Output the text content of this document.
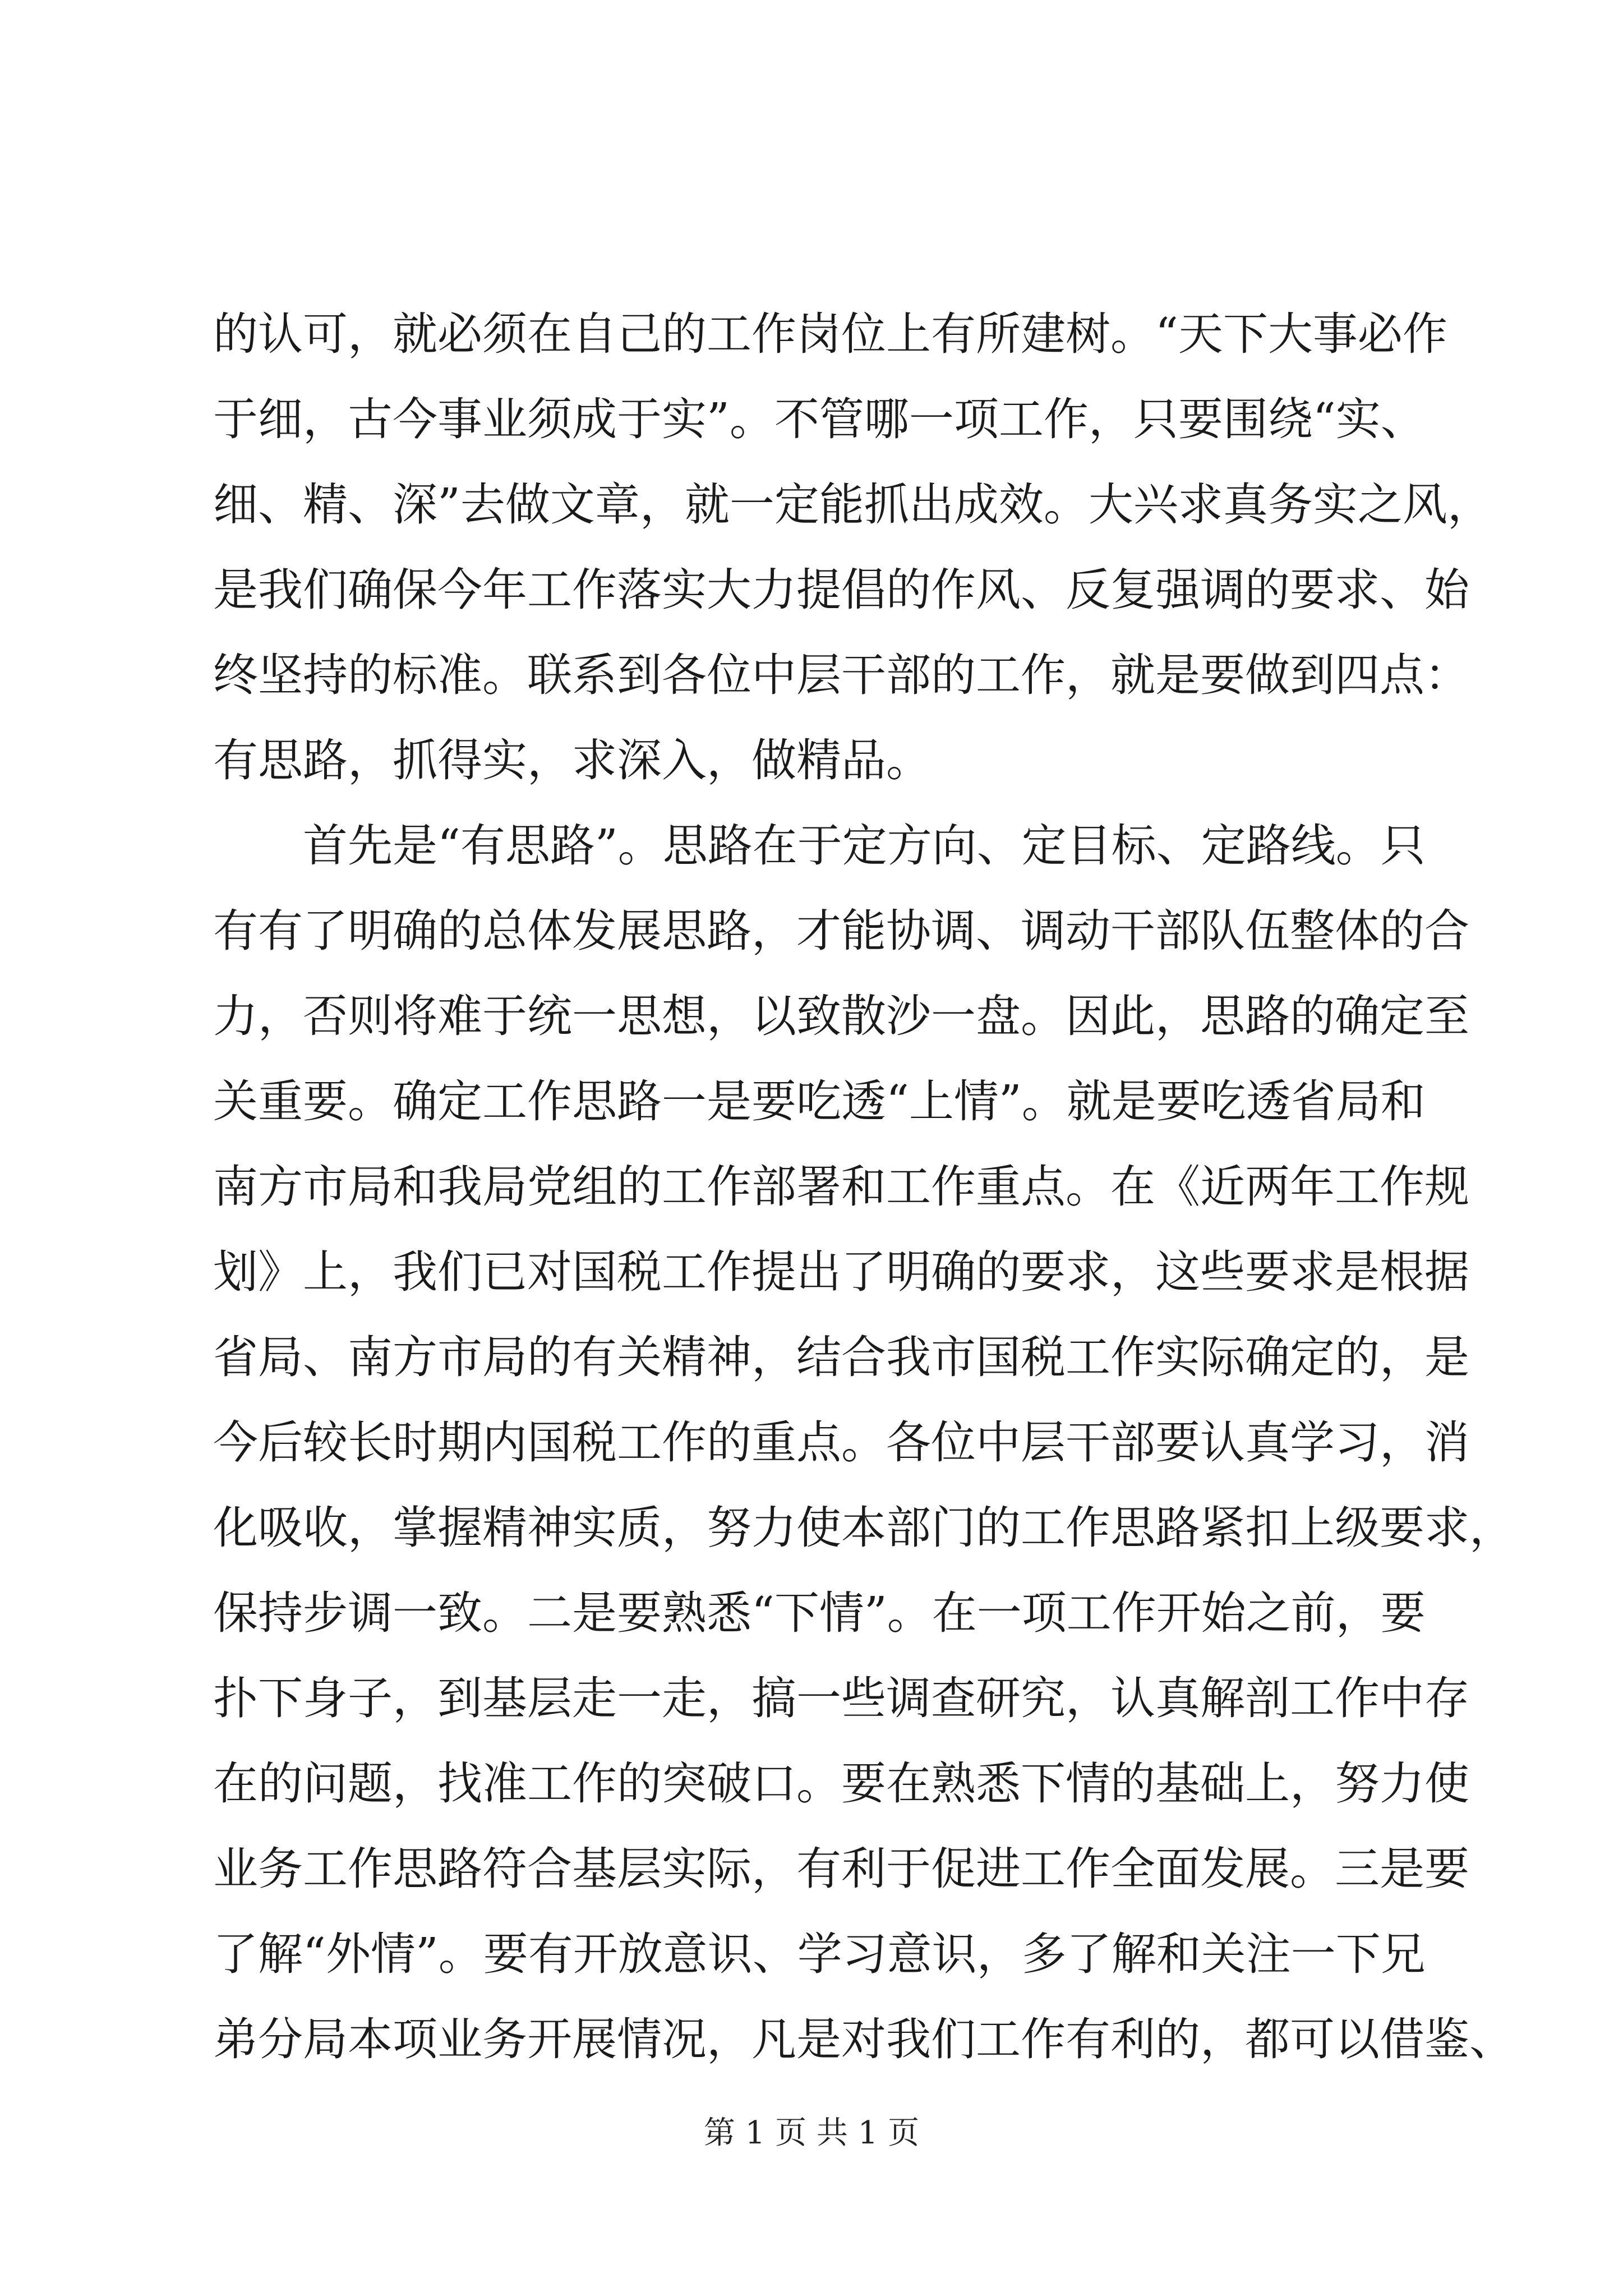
的认可，就必须在自己的工作岗位上有所建树。“天下大事必作
于细，古今事业须成于实”。不管哪一项工作，只要围绕“实、
细、精、深”去做文章，就一定能抓出成效。大兴求真务实之风，
是我们确保今年工作落实大力提倡的作风、反复强调的要求、始
终坚持的标准。联系到各位中层干部的工作，就是要做到四点：
有思路，抓得实，求深入，做精品。
首先是“有思路”。思路在于定方向、定目标、定路线。只
有有了明确的总体发展思路，才能协调、调动干部队伍整体的合
力，否则将难于统一思想，以致散沙一盘。因此，思路的确定至
关重要。确定工作思路一是要吃透“上情”。就是要吃透省局和
南方市局和我局党组的工作部署和工作重点。在《近两年工作规
划》上，我们已对国税工作提出了明确的要求，这些要求是根据
省局、南方市局的有关精神，结合我市国税工作实际确定的，是
今后较长时期内国税工作的重点。各位中层干部要认真学习，消
化吸收，掌握精神实质，努力使本部门的工作思路紧扣上级要求，
保持步调一致。二是要熟悉“下情”。在一项工作开始之前，要
扑下身子，到基层走一走，搞一些调查研究，认真解剖工作中存
在的问题，找准工作的突破口。要在熟悉下情的基础上，努力使
业务工作思路符合基层实际，有利于促进工作全面发展。三是要
了解“外情”。要有开放意识、学习意识，多了解和关注一下兄
弟分局本项业务开展情况，凡是对我们工作有利的，都可以借鉴、
第 1 页 共 1 页
